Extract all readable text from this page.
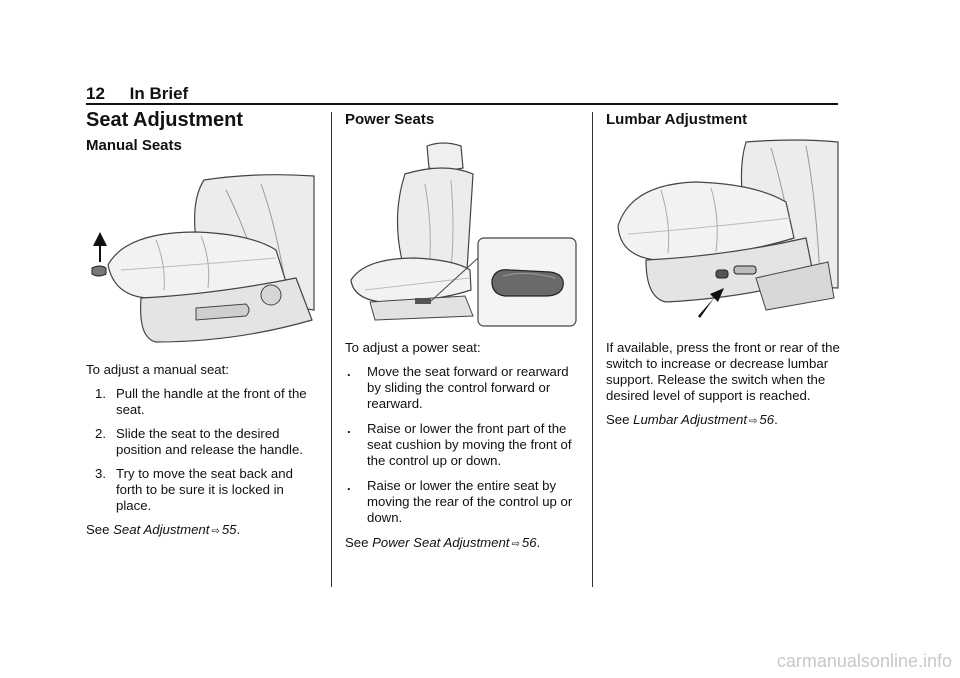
12 In Brief
Seat Adjustment
Manual Seats

To adjust a manual seat:

1. Pull the handle at the front of the seat.
2. Slide the seat to the desired position and release the handle.
3. Try to move the seat back and forth to be sure it is locked in place.

See Seat Adjustment ⇨ 55.

Power Seats

To adjust a power seat:

. Move the seat forward or rearward by sliding the control forward or rearward.
. Raise or lower the front part of the seat cushion by moving the front of the control up or down.
. Raise or lower the entire seat by moving the rear of the control up or down.

See Power Seat Adjustment ⇨ 56.

Lumbar Adjustment

If available, press the front or rear of the switch to increase or decrease lumbar support. Release the switch when the desired level of support is reached.

See Lumbar Adjustment ⇨ 56.

carmanualsonline.info
